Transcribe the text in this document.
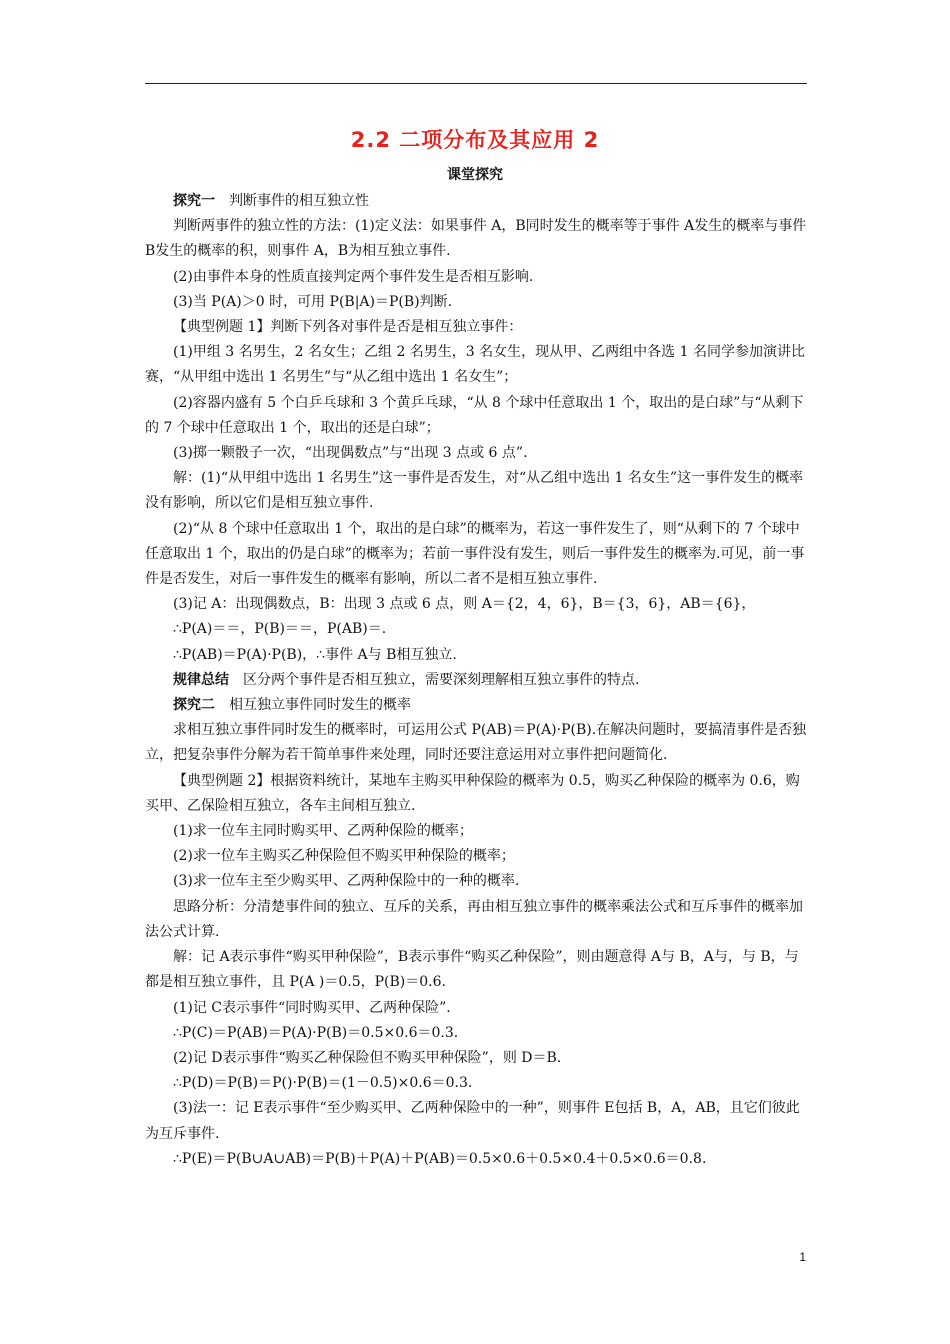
2.2 二项分布及其应用 2
课堂探究

探究一　判断事件的相互独立性

判断两事件的独立性的方法：(1)定义法：如果事件 A，B同时发生的概率等于事件 A发生的概率与事件 B发生的概率的积，则事件 A，B为相互独立事件.

(2)由事件本身的性质直接判定两个事件发生是否相互影响.

(3)当 P(A)＞0 时，可用 P(B|A)＝P(B)判断.

【典型例题 1】判断下列各对事件是否是相互独立事件：

(1)甲组 3 名男生，2 名女生；乙组 2 名男生，3 名女生，现从甲、乙两组中各选 1 名同学参加演讲比赛，“从甲组中选出 1 名男生”与“从乙组中选出 1 名女生”；

(2)容器内盛有 5 个白乒乓球和 3 个黄乒乓球，“从 8 个球中任意取出 1 个，取出的是白球”与“从剩下的 7 个球中任意取出 1 个，取出的还是白球”；

(3)掷一颗骰子一次，“出现偶数点”与“出现 3 点或 6 点”.

解：(1)“从甲组中选出 1 名男生”这一事件是否发生，对“从乙组中选出 1 名女生”这一事件发生的概率没有影响，所以它们是相互独立事件.

(2)“从 8 个球中任意取出 1 个，取出的是白球”的概率为，若这一事件发生了，则“从剩下的 7 个球中任意取出 1 个，取出的仍是白球”的概率为；若前一事件没有发生，则后一事件发生的概率为.可见，前一事件是否发生，对后一事件发生的概率有影响，所以二者不是相互独立事件.

(3)记 A：出现偶数点，B：出现 3 点或 6 点，则 A＝{2，4，6}，B＝{3，6}，AB＝{6}，

∴P(A)＝＝，P(B)＝＝，P(AB)＝.

∴P(AB)＝P(A)·P(B)，∴事件 A与 B相互独立.

规律总结　区分两个事件是否相互独立，需要深刻理解相互独立事件的特点.

探究二　相互独立事件同时发生的概率

求相互独立事件同时发生的概率时，可运用公式 P(AB)＝P(A)·P(B).在解决问题时，要搞清事件是否独立，把复杂事件分解为若干简单事件来处理，同时还要注意运用对立事件把问题简化.

【典型例题 2】根据资料统计，某地车主购买甲种保险的概率为 0.5，购买乙种保险的概率为 0.6，购买甲、乙保险相互独立，各车主间相互独立.

(1)求一位车主同时购买甲、乙两种保险的概率；

(2)求一位车主购买乙种保险但不购买甲种保险的概率；

(3)求一位车主至少购买甲、乙两种保险中的一种的概率.

思路分析：分清楚事件间的独立、互斥的关系，再由相互独立事件的概率乘法公式和互斥事件的概率加法公式计算.

解：记 A表示事件“购买甲种保险”，B表示事件“购买乙种保险”，则由题意得 A与 B，A与，与 B，与都是相互独立事件，且 P(A )＝0.5，P(B)＝0.6.

(1)记 C表示事件“同时购买甲、乙两种保险”.

∴P(C)＝P(AB)＝P(A)·P(B)＝0.5×0.6＝0.3.

(2)记 D表示事件“购买乙种保险但不购买甲种保险”，则 D＝B.

∴P(D)＝P(B)＝P()·P(B)＝(1－0.5)×0.6＝0.3.

(3)法一：记 E表示事件“至少购买甲、乙两种保险中的一种”，则事件 E包括 B，A，AB，且它们彼此为互斥事件.

∴P(E)＝P(B∪A∪AB)＝P(B)＋P(A)＋P(AB)＝0.5×0.6＋0.5×0.4＋0.5×0.6＝0.8.

1
